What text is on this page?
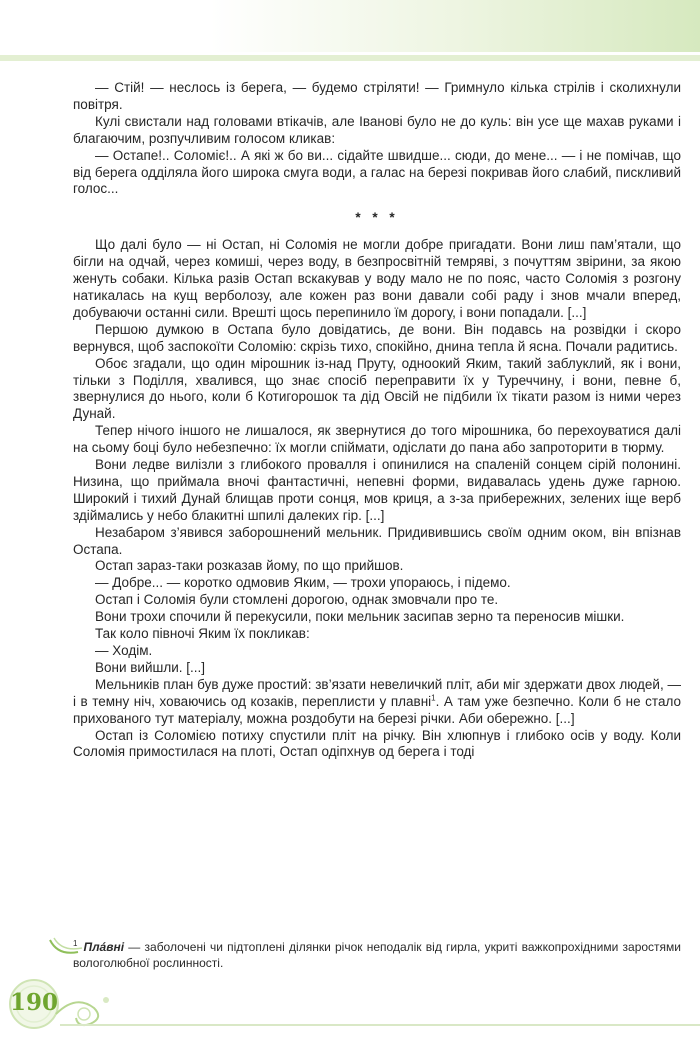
— Стій! — неслось із берега, — будемо стріляти! — Гримнуло кілька стрілів і сколихнули повітря.

Кулі свистали над головами втікачів, але Іванові було не до куль: він усе ще махав руками і благаючим, розпучливим голосом кликав:

— Остапе!.. Соломіє!.. А які ж бо ви... сідайте швидше... сюди, до мене... — і не помічав, що від берега одділяла його широка смуга води, а галас на березі покривав його слабий, пискливий голос...

* * *

Що далі було — ні Остап, ні Соломія не могли добре пригадати. Вони лиш пам’ятали, що бігли на одчай, через комиші, через воду, в безпросвітній темряві, з почуттям звірини, за якою женуть собаки. Кілька разів Остап вскакував у воду мало не по пояс, часто Соломія з розгону натикалась на кущ верболозу, але кожен раз вони давали собі раду і знов мчали вперед, добуваючи останні сили. Врешті щось перепинило їм дорогу, і вони попадали. [...]

Першою думкою в Остапа було довідатись, де вони. Він подавсь на розвідки і скоро вернувся, щоб заспокоїти Соломію: скрізь тихо, спокійно, днина тепла й ясна. Почали радитись.

Обоє згадали, що один мірошник із-над Пруту, одноокий Яким, такий заблуклий, як і вони, тільки з Поділля, хвалився, що знає спосіб переправити їх у Туреччину, і вони, певне б, звернулися до нього, коли б Котигорошок та дід Овсій не підбили їх тікати разом із ними через Дунай.

Тепер нічого іншого не лишалося, як звернутися до того мірошника, бо перехоуватися далі на сьому боці було небезпечно: їх могли спіймати, одіслати до пана або запроторити в тюрму.

Вони ледве вилізли з глибокого провалля і опинилися на спаленій сонцем сірій полонині. Низина, що приймала вночі фантастичні, непевні форми, видавалась удень дуже гарною. Широкий і тихий Дунай блищав проти сонця, мов криця, а з-за прибережних, зелених іще верб здіймались у небо блакитні шпилі далеких гір. [...]

Незабаром з’явився заборошнений мельник. Придивившись своїм одним оком, він впізнав Остапа.

Остап зараз-таки розказав йому, по що прийшов.

— Добре... — коротко одмовив Яким, — трохи упораюсь, і підемо.

Остап і Соломія були стомлені дорогою, однак змовчали про те.

Вони трохи спочили й перекусили, поки мельник засипав зерно та переносив мішки.

Так коло півночі Яким їх покликав:

— Ходім.

Вони вийшли. [...]

Мельників план був дуже простий: зв’язати невеличкий пліт, аби міг здержати двох людей, — і в темну ніч, ховаючись од козаків, переплисти у плавні$^1$. А там уже безпечно. Коли б не стало прихованого тут матеріалу, можна роздобути на березі річки. Аби обережно. [...]

Остап із Соломією потиху спустили пліт на річку. Він хлюпнув і глибоко осів у воду. Коли Соломія примостилася на плоті, Остап одіпхнув од берега і тоді

$^1$ Пла́вні — заболочені чи підтоплені ділянки річок неподалік від гирла, укриті важкопрохідними заростями вологолюбної рослинності.
190
